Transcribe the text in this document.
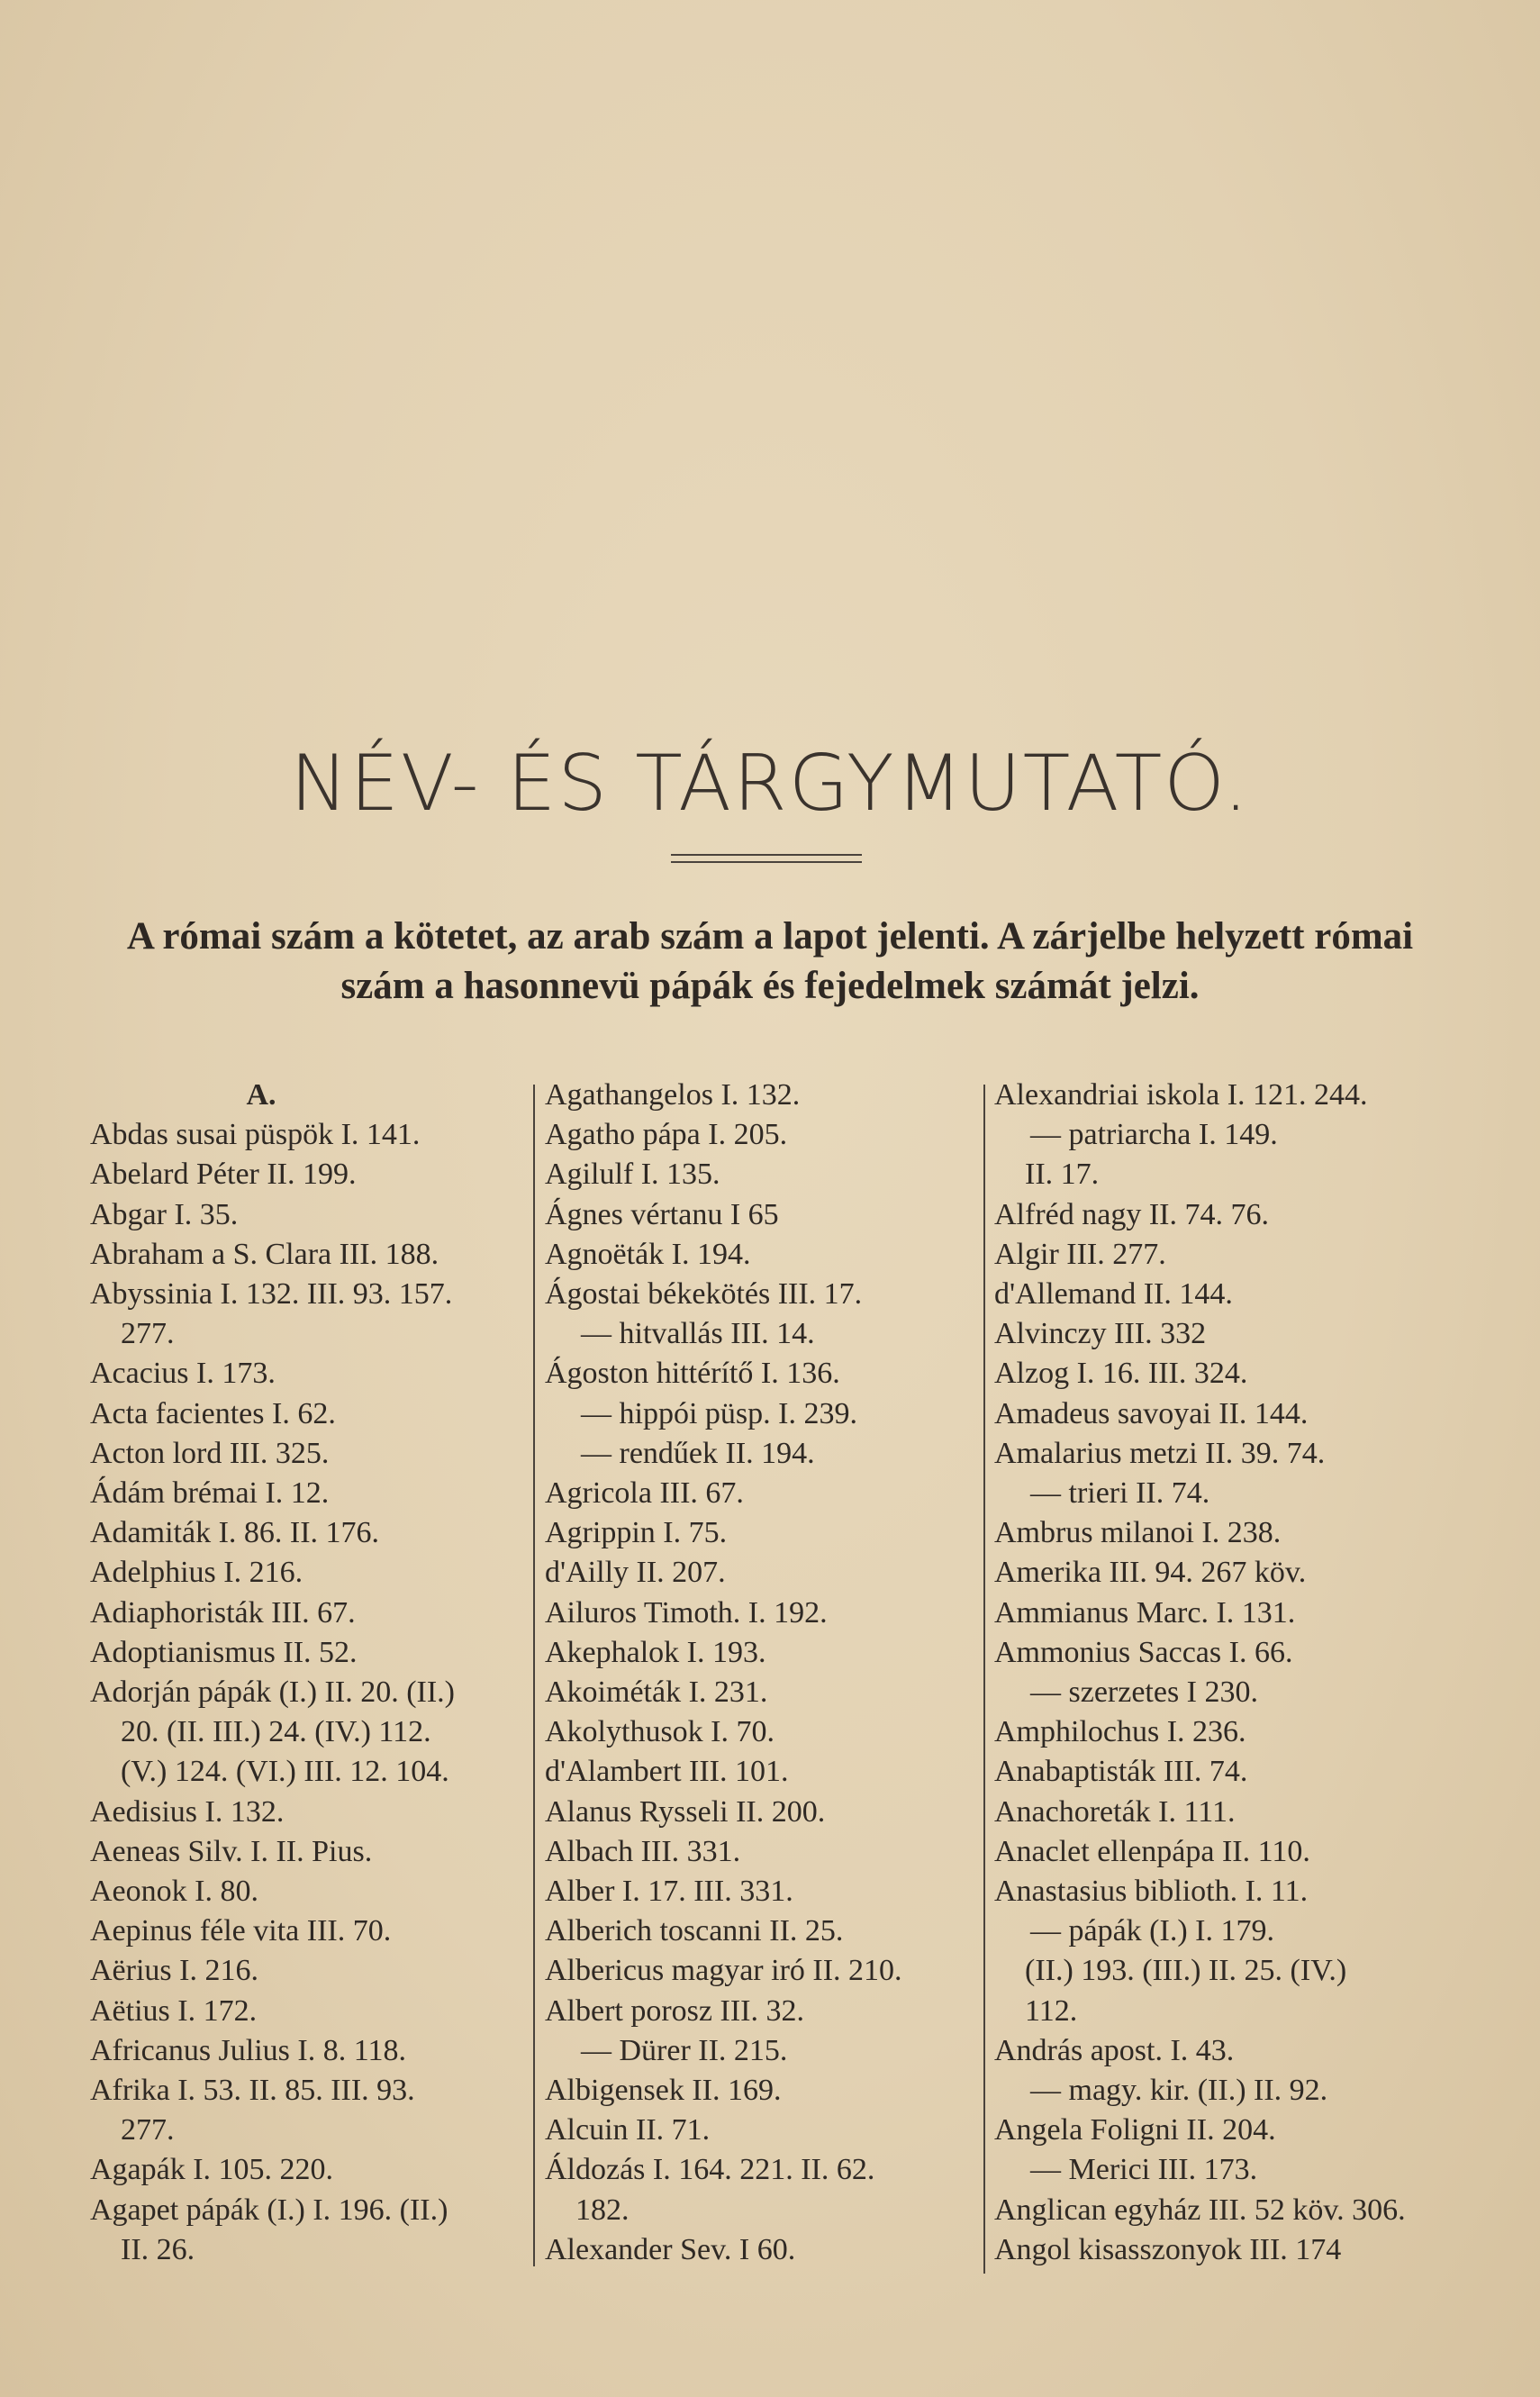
NÉV- ÉS TÁRGYMUTATÓ.
A római szám a kötetet, az arab szám a lapot jelenti. A zárjelbe helyzett római szám a hasonnevü pápák és fejedelmek számát jelzi.
A.
Abdas susai püspök I. 141.
Abelard Péter II. 199.
Abgar I. 35.
Abraham a S. Clara III. 188.
Abyssinia I. 132. III. 93. 157.
277.
Acacius I. 173.
Acta facientes I. 62.
Acton lord III. 325.
Ádám brémai I. 12.
Adamiták I. 86. II. 176.
Adelphius I. 216.
Adiaphoristák III. 67.
Adoptianismus II. 52.
Adorján pápák (I.) II. 20. (II.)
20. (II. III.) 24. (IV.) 112.
(V.) 124. (VI.) III. 12. 104.
Aedisius I. 132.
Aeneas Silv. I. II. Pius.
Aeonok I. 80.
Aepinus féle vita III. 70.
Aërius I. 216.
Aëtius I. 172.
Africanus Julius I. 8. 118.
Afrika I. 53. II. 85. III. 93.
277.
Agapák I. 105. 220.
Agapet pápák (I.) I. 196. (II.)
II. 26.
Agathangelos I. 132.
Agatho pápa I. 205.
Agilulf I. 135.
Ágnes vértanu I 65
Agnoëták I. 194.
Ágostai békekötés III. 17.
— hitvallás III. 14.
Ágoston hittérítő I. 136.
— hippói püsp. I. 239.
— rendűek II. 194.
Agricola III. 67.
Agrippin I. 75.
d'Ailly II. 207.
Ailuros Timoth. I. 192.
Akephalok I. 193.
Akoiméták I. 231.
Akolythusok I. 70.
d'Alambert III. 101.
Alanus Rysseli II. 200.
Albach III. 331.
Alber I. 17. III. 331.
Alberich toscanni II. 25.
Albericus magyar iró II. 210.
Albert porosz III. 32.
— Dürer II. 215.
Albigensek II. 169.
Alcuin II. 71.
Áldozás I. 164. 221. II. 62.
182.
Alexander Sev. I 60.
Alexandriai iskola I. 121. 244.
— patriarcha I. 149.
II. 17.
Alfréd nagy II. 74. 76.
Algir III. 277.
d'Allemand II. 144.
Alvinczy III. 332
Alzog I. 16. III. 324.
Amadeus savoyai II. 144.
Amalarius metzi II. 39. 74.
— trieri II. 74.
Ambrus milanoi I. 238.
Amerika III. 94. 267 köv.
Ammianus Marc. I. 131.
Ammonius Saccas I. 66.
— szerzetes I 230.
Amphilochus I. 236.
Anabaptisták III. 74.
Anachoreták I. 111.
Anaclet ellenpápa II. 110.
Anastasius biblioth. I. 11.
— pápák (I.) I. 179.
(II.) 193. (III.) II. 25. (IV.)
112.
András apost. I. 43.
— magy. kir. (II.) II. 92.
Angela Foligni II. 204.
— Merici III. 173.
Anglican egyház III. 52 köv. 306.
Angol kisasszonyok III. 174
